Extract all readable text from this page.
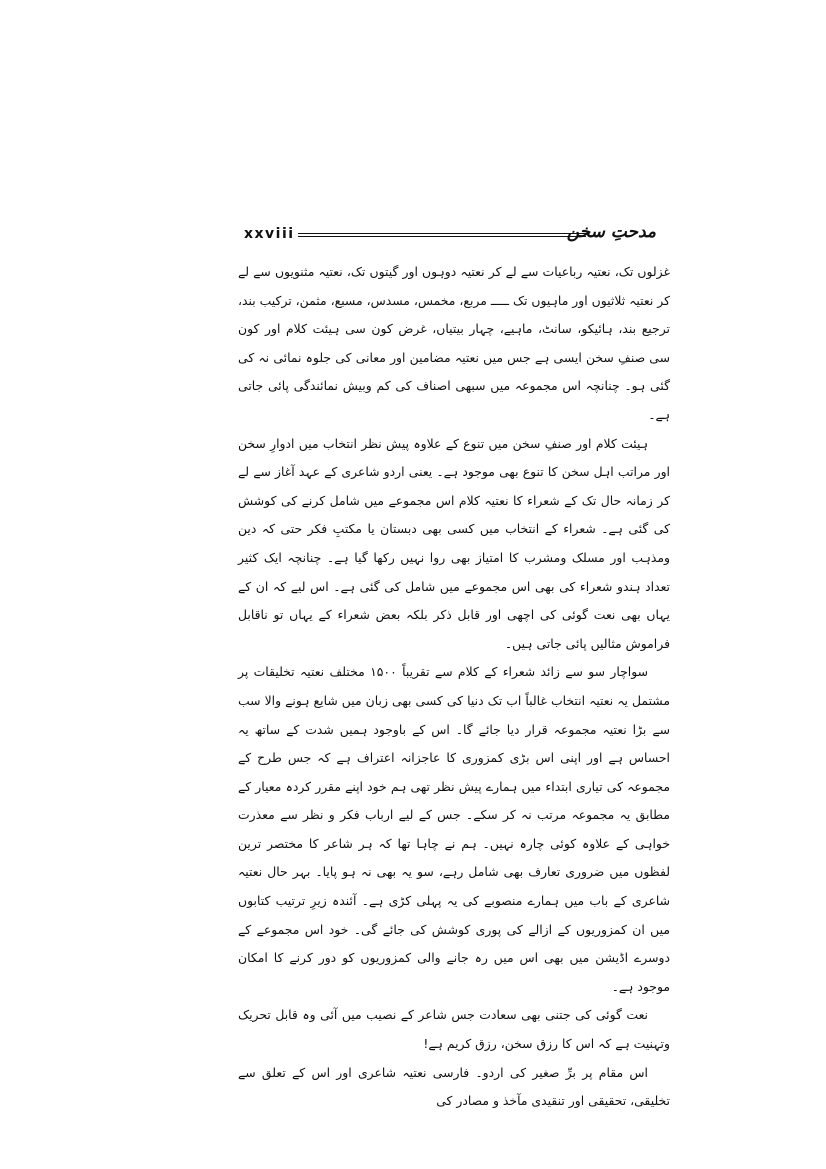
xxviii	مدحتِ سخن

غزلوں تک، نعتیہ رباعیات سے لے کر نعتیہ دوہوں اور گیتوں تک، نعتیہ مثنویوں سے لے کر نعتیہ ثلاثیوں اور ماہیوں تک ـــــ مربع، مخمس، مسدس، مسبع، مثمن، ترکیب بند، ترجیع بند، ہائیکو، سانٹ، ماہیے، چہار بیتیاں، غرض کون سی ہیئت کلام اور کون سی صنفِ سخن ایسی ہے جس میں نعتیہ مضامین اور معانی کی جلوہ نمائی نہ کی گئی ہو۔ چنانچہ اس مجموعہ میں سبھی اصناف کی کم وبیش نمائندگی پائی جاتی ہے۔

ہیئت کلام اور صنفِ سخن میں تنوع کے علاوہ پیش نظر انتخاب میں ادوارِ سخن اور مراتب اہل سخن کا تنوع بھی موجود ہے۔ یعنی اردو شاعری کے عہد آغاز سے لے کر زمانہ حال تک کے شعراء کا نعتیہ کلام اس مجموعے میں شامل کرنے کی کوشش کی گئی ہے۔ شعراء کے انتخاب میں کسی بھی دبستان یا مکتبِ فکر حتی کہ دین ومذہب اور مسلک ومشرب کا امتیاز بھی روا نہیں رکھا گیا ہے۔ چنانچہ ایک کثیر تعداد ہندو شعراء کی بھی اس مجموعے میں شامل کی گئی ہے۔ اس لیے کہ ان کے یہاں بھی نعت گوئی کی اچھی اور قابل ذکر بلکہ بعض شعراء کے یہاں تو ناقابل فراموش مثالیں پائی جاتی ہیں۔

سواچار سو سے زائد شعراء کے کلام سے تقریباً ۱۵۰۰ مختلف نعتیہ تخلیقات پر مشتمل یہ نعتیہ انتخاب غالباً اب تک دنیا کی کسی بھی زبان میں شایع ہونے والا سب سے بڑا نعتیہ مجموعہ قرار دیا جائے گا۔ اس کے باوجود ہمیں شدت کے ساتھ یہ احساس ہے اور اپنی اس بڑی کمزوری کا عاجزانہ اعتراف ہے کہ جس طرح کے مجموعہ کی تیاری ابتداء میں ہمارے پیش نظر تھی ہم خود اپنے مقرر کردہ معیار کے مطابق یہ مجموعہ مرتب نہ کر سکے۔ جس کے لیے ارباب فکر و نظر سے معذرت خواہی کے علاوہ کوئی چارہ نہیں۔ ہم نے چاہا تھا کہ ہر شاعر کا مختصر ترین لفظوں میں ضروری تعارف بھی شامل رہے، سو یہ بھی نہ ہو پایا۔ بہر حال نعتیہ شاعری کے باب میں ہمارے منصوبے کی یہ پہلی کڑی ہے۔ آئندہ زیرِ ترتیب کتابوں میں ان کمزوریوں کے ازالے کی پوری کوشش کی جائے گی۔ خود اس مجموعے کے دوسرے اڈیشن میں بھی اس میں رہ جانے والی کمزوریوں کو دور کرنے کا امکان موجود ہے۔

نعت گوئی کی جتنی بھی سعادت جس شاعر کے نصیب میں آئی وہ قابل تحریک وتہنیت ہے کہ اس کا رزق سخن، رزق کریم ہے!

اس مقام پر برِّ صغیر کی اردو۔ فارسی نعتیہ شاعری اور اس کے تعلق سے تخلیقی، تحقیقی اور تنقیدی مآخذ و مصادر کی
